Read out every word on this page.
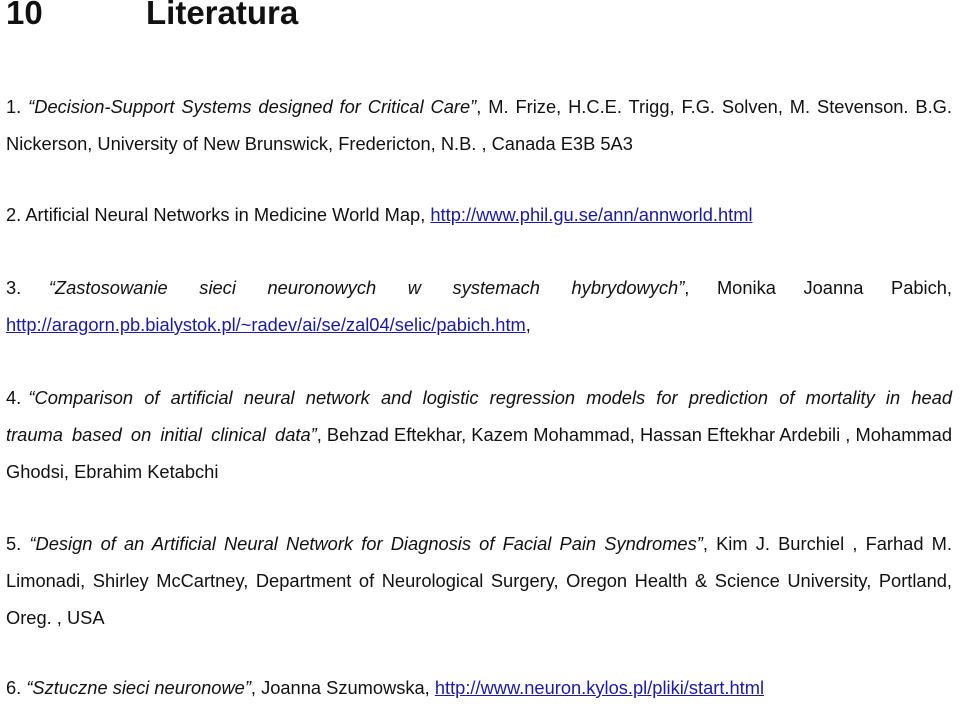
10	Literatura
1. “Decision-Support Systems designed for Critical Care”, M. Frize, H.C.E. Trigg, F.G. Solven, M. Stevenson. B.G. Nickerson, University of New Brunswick, Fredericton, N.B. , Canada E3B 5A3
2. Artificial Neural Networks in Medicine World Map, http://www.phil.gu.se/ann/annworld.html
3. “Zastosowanie sieci neuronowych w systemach hybrydowych”, Monika Joanna Pabich, http://aragorn.pb.bialystok.pl/~radev/ai/se/zal04/selic/pabich.htm,
4. “Comparison of artificial neural network and logistic regression models for prediction of mortality in head trauma based on initial clinical data”, Behzad Eftekhar, Kazem Mohammad, Hassan Eftekhar Ardebili , Mohammad Ghodsi, Ebrahim Ketabchi
5. “Design of an Artificial Neural Network for Diagnosis of Facial Pain Syndromes”, Kim J. Burchiel , Farhad M. Limonadi, Shirley McCartney, Department of Neurological Surgery, Oregon Health & Science University, Portland, Oreg. , USA
6. “Sztuczne sieci neuronowe”, Joanna Szumowska, http://www.neuron.kylos.pl/pliki/start.html
